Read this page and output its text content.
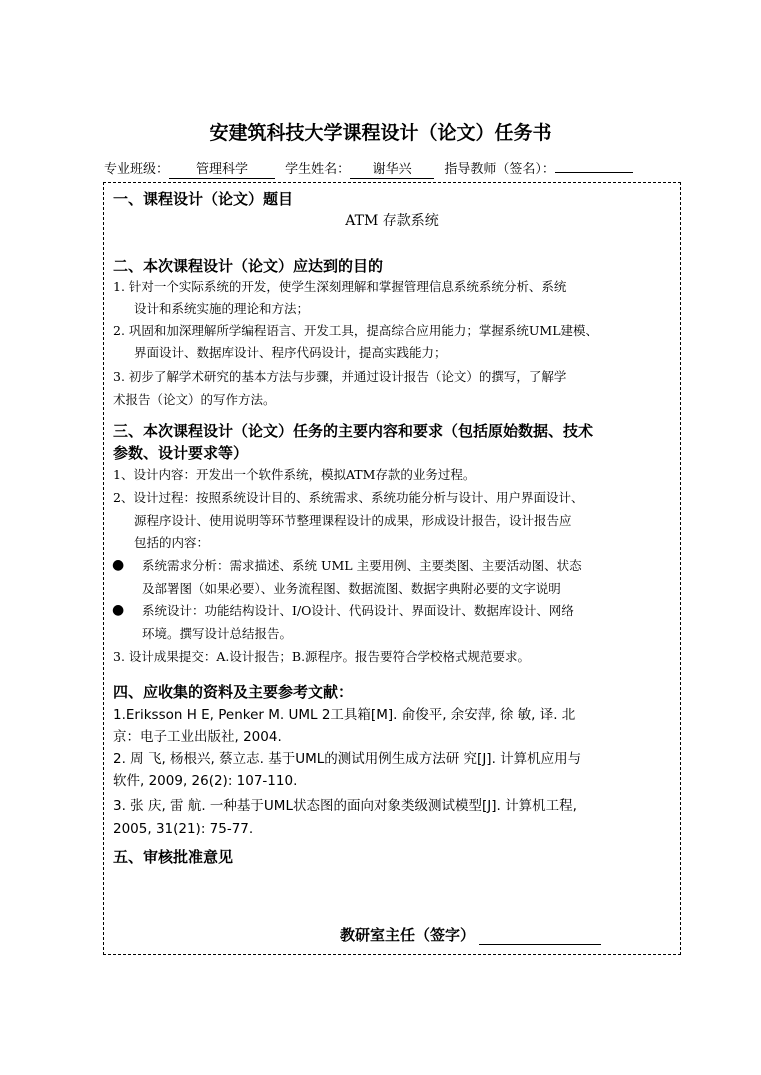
安建筑科技大学课程设计（论文）任务书
专业班级： 管理科学	学生姓名： 谢华兴	指导教师（签名）：
一、课程设计（论文）题目
ATM 存款系统
二、本次课程设计（论文）应达到的目的
1. 针对一个实际系统的开发，使学生深刻理解和掌握管理信息系统系统分析、系统
设计和系统实施的理论和方法；
2. 巩固和加深理解所学编程语言、开发工具，提高综合应用能力；掌握系统UML建模、
界面设计、数据库设计、程序代码设计，提高实践能力；
3. 初步了解学术研究的基本方法与步骤，并通过设计报告（论文）的撰写，了解学
术报告（论文）的写作方法。
三、本次课程设计（论文）任务的主要内容和要求（包括原始数据、技术
参数、设计要求等）
1、设计内容：开发出一个软件系统，模拟ATM存款的业务过程。
2、设计过程：按照系统设计目的、系统需求、系统功能分析与设计、用户界面设计、
源程序设计、使用说明等环节整理课程设计的成果，形成设计报告，设计报告应
包括的内容：
● 系统需求分析：需求描述、系统 UML 主要用例、主要类图、主要活动图、状态
及部署图（如果必要）、业务流程图、数据流图、数据字典附必要的文字说明
● 系统设计：功能结构设计、I/O设计、代码设计、界面设计、数据库设计、网络
环境。撰写设计总结报告。
3. 设计成果提交：A.设计报告；B.源程序。报告要符合学校格式规范要求。
四、应收集的资料及主要参考文献：
1.Eriksson H E, Penker M. UML 2工具箱[M]. 俞俊平, 余安萍, 徐 敏, 译. 北
京：电子工业出版社, 2004.
2. 周 飞, 杨根兴, 蔡立志. 基于UML的测试用例生成方法研 究[J]. 计算机应用与
软件, 2009, 26(2): 107-110.
3. 张 庆, 雷 航. 一种基于UML状态图的面向对象类级测试模型[J]. 计算机工程,
2005, 31(21): 75-77.
五、审核批准意见
教研室主任（签字）
